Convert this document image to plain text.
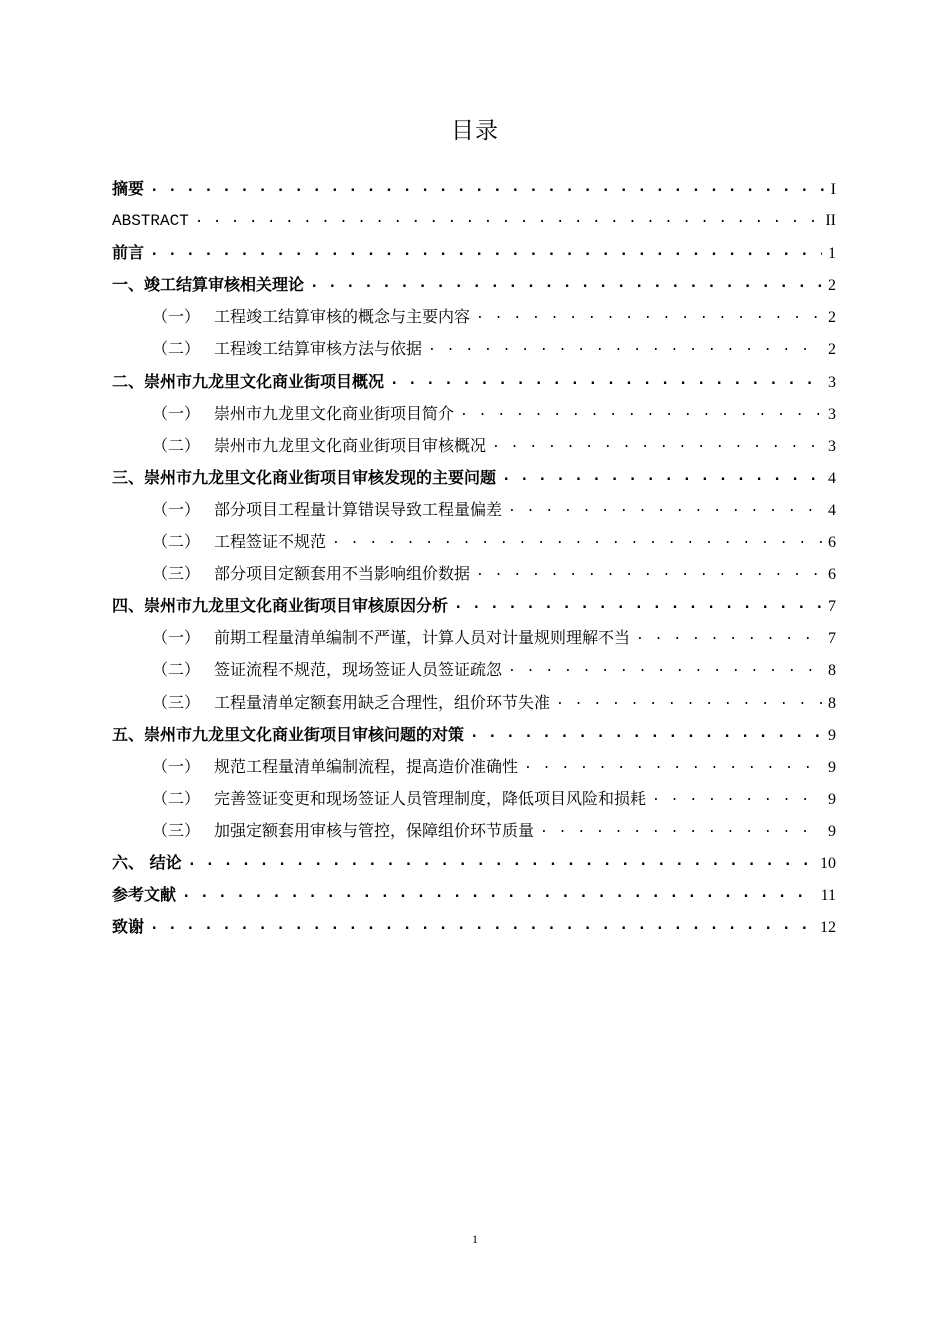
目录
摘要 . . .	I
ABSTRACT . . .	II
前言 . . .	1
一、竣工结算审核相关理论 . . .	2
（一） 工程竣工结算审核的概念与主要内容 . . .	2
（二） 工程竣工结算审核方法与依据 . . .	2
二、崇州市九龙里文化商业街项目概况 . . .	3
（一） 崇州市九龙里文化商业街项目简介 . . .	3
（二） 崇州市九龙里文化商业街项目审核概况 . . .	3
三、崇州市九龙里文化商业街项目审核发现的主要问题 . . .	4
（一） 部分项目工程量计算错误导致工程量偏差 . . .	4
（二） 工程签证不规范 . . .	6
（三） 部分项目定额套用不当影响组价数据 . . .	6
四、崇州市九龙里文化商业街项目审核原因分析 . . .	7
（一） 前期工程量清单编制不严谨，计算人员对计量规则理解不当 . . .	7
（二） 签证流程不规范，现场签证人员签证疏忽 . . .	8
（三） 工程量清单定额套用缺乏合理性，组价环节失准 . . .	8
五、崇州市九龙里文化商业街项目审核问题的对策 . . .	9
（一） 规范工程量清单编制流程，提高造价准确性 . . .	9
（二） 完善签证变更和现场签证人员管理制度，降低项目风险和损耗 . . .	9
（三） 加强定额套用审核与管控，保障组价环节质量 . . .	9
六、 结论 . . .	10
参考文献 . . .	11
致谢 . . .	12
1
